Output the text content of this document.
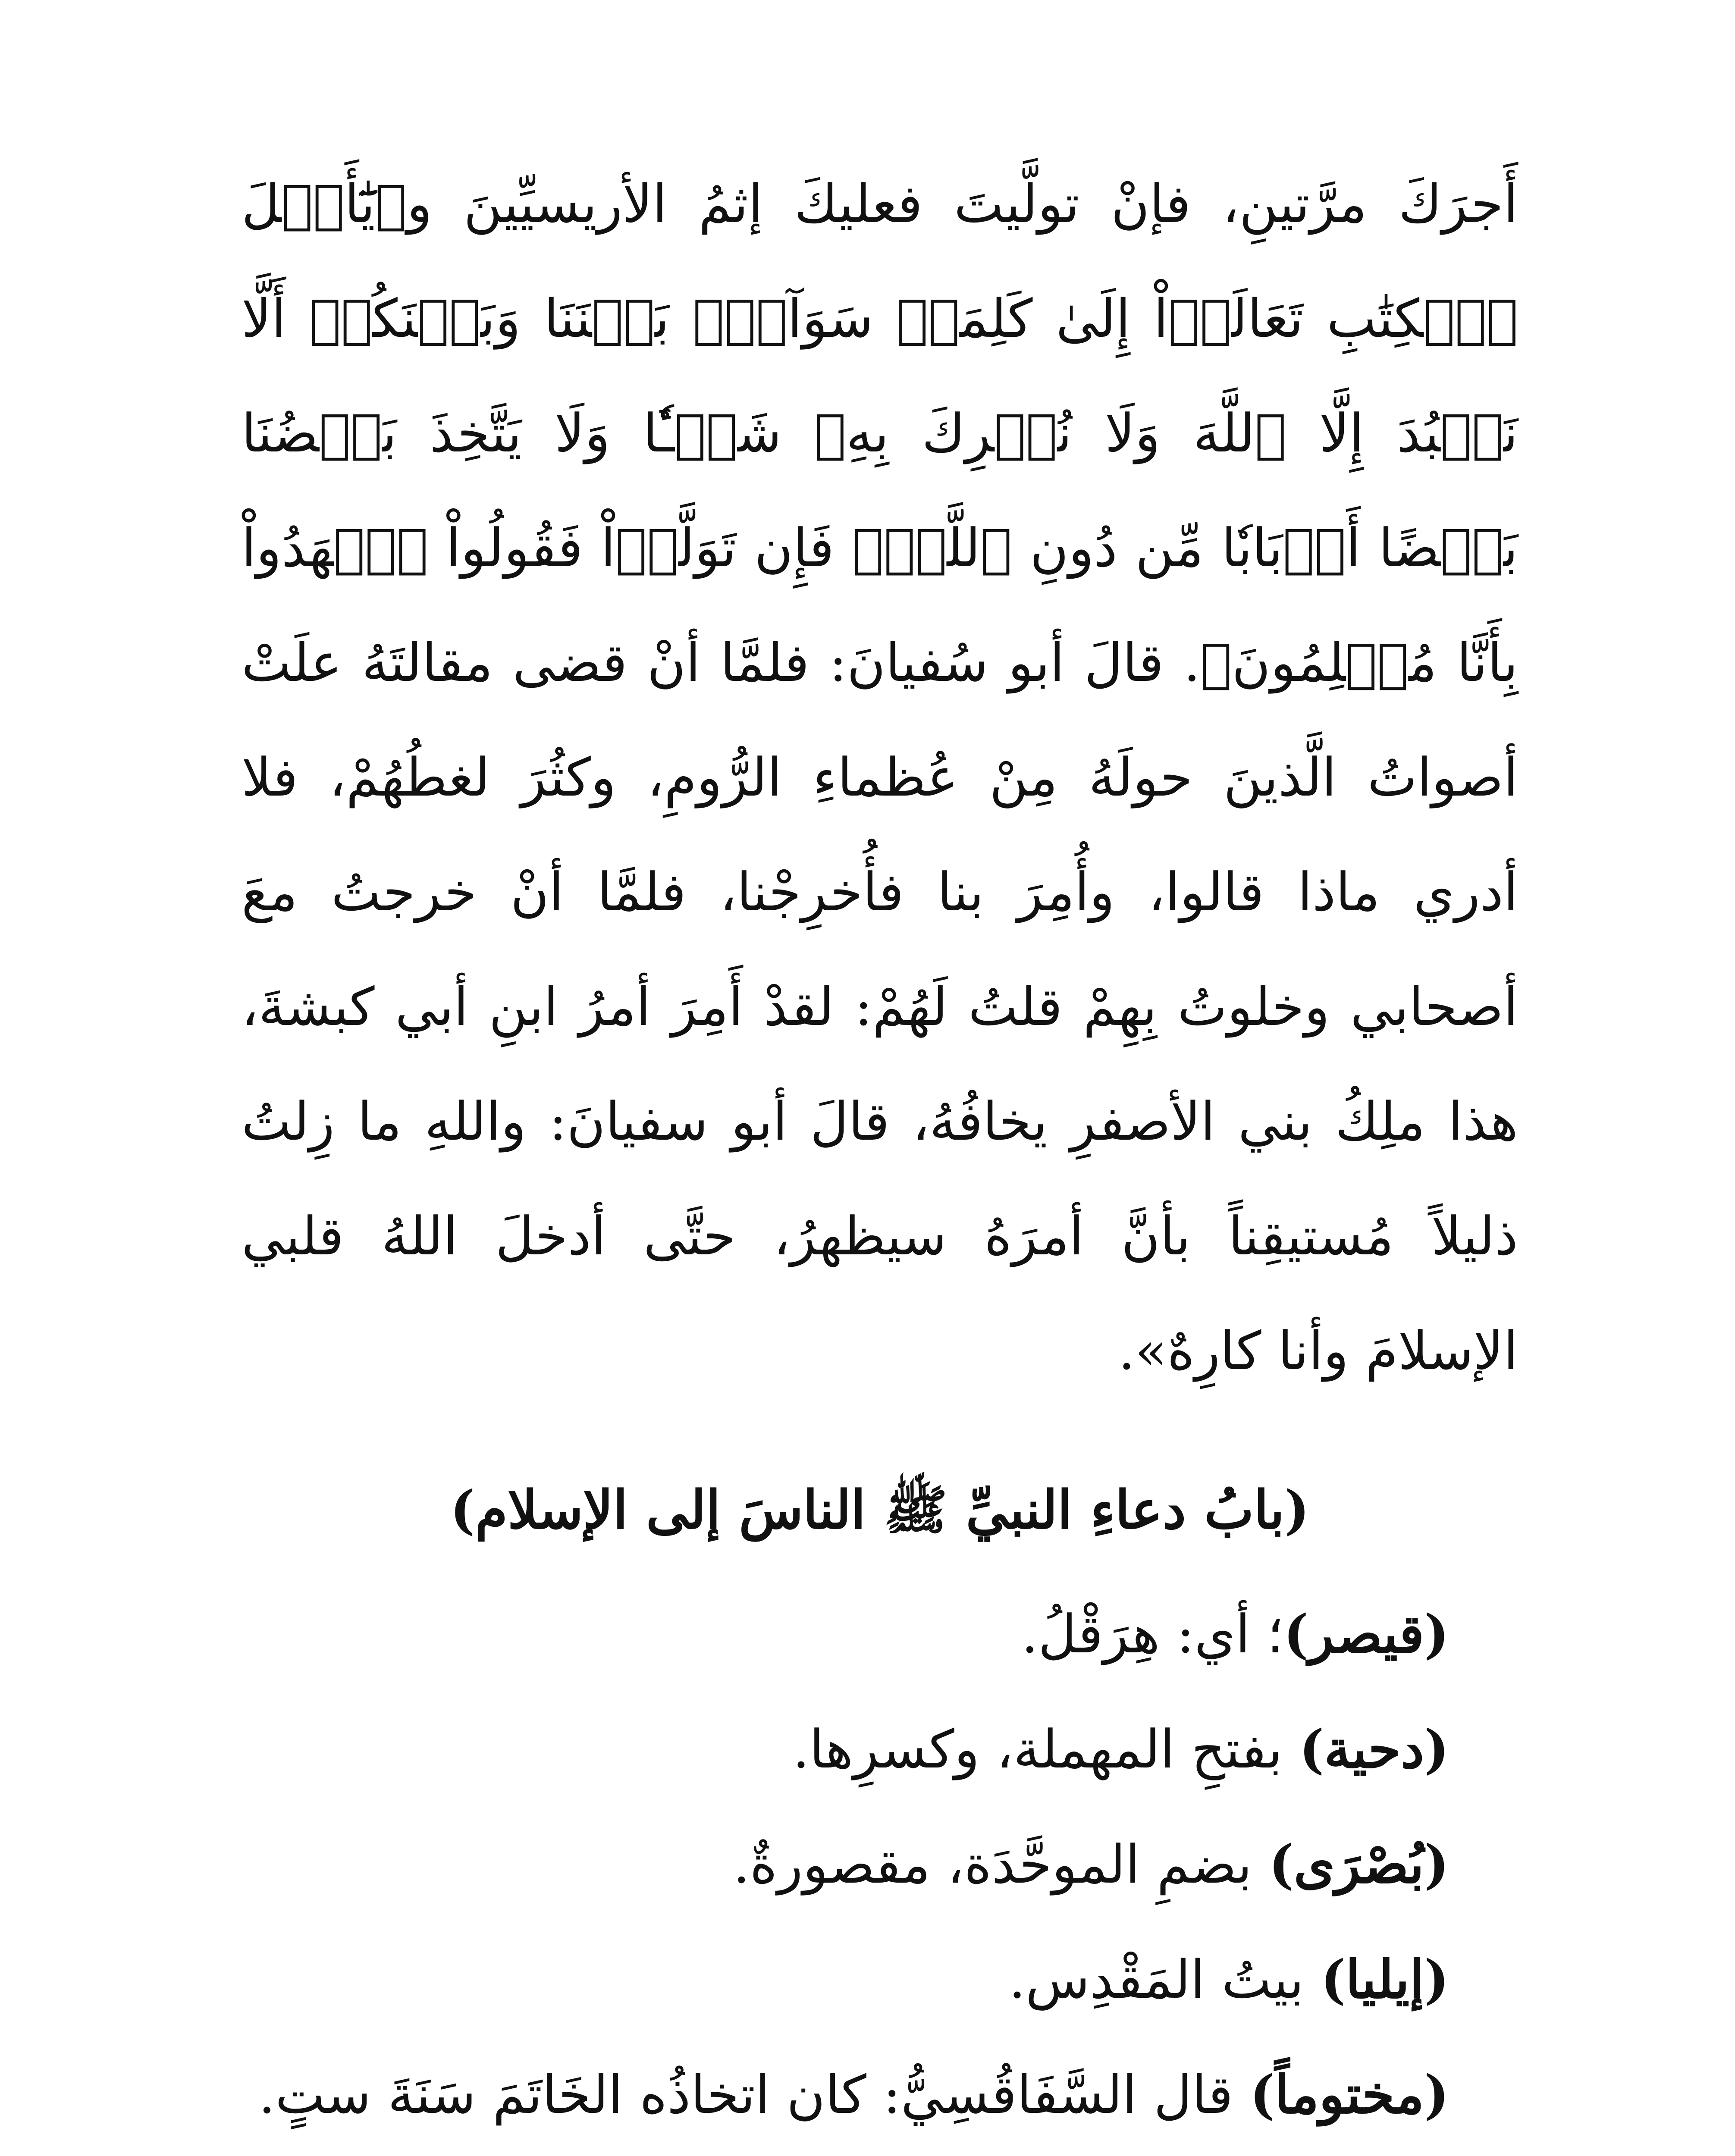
أَجرَكَ مرَّتينِ، فإنْ تولَّيتَ فعليكَ إثمُ الأريسيِّينَ و﴿يَٰٓأَهۡلَ ٱلۡكِتَٰبِ تَعَالَوۡاْ إِلَىٰ كَلِمَةٖ سَوَآءِۭ بَيۡنَنَا وَبَيۡنَكُمۡ أَلَّا نَعۡبُدَ إِلَّا ٱللَّهَ وَلَا نُشۡرِكَ بِهِۦ شَيۡـٔٗا وَلَا يَتَّخِذَ بَعۡضُنَا بَعۡضًا أَرۡبَابٗا مِّن دُونِ ٱللَّهِۚ فَإِن تَوَلَّوۡاْ فَقُولُواْ ٱشۡهَدُواْ بِأَنَّا مُسۡلِمُونَ﴾. قالَ أبو سُفيانَ: فلمَّا أنْ قضى مقالتَهُ علَتْ أصواتُ الَّذينَ حولَهُ مِنْ عُظماءِ الرُّومِ، وكثُرَ لغطُهُمْ، فلا أدري ماذا قالوا، وأُمِرَ بنا فأُخرِجْنا، فلمَّا أنْ خرجتُ معَ أصحابي وخلوتُ بِهِمْ قلتُ لَهُمْ: لقدْ أَمِرَ أمرُ ابنِ أبي كبشةَ، هذا ملِكُ بني الأصفرِ يخافُهُ، قالَ أبو سفيانَ: واللهِ ما زِلتُ ذليلاً مُستيقِناً بأنَّ أمرَهُ سيظهرُ، حتَّى أدخلَ اللهُ قلبي الإسلامَ وأنا كارِهٌ».

(بابُ دعاءِ النبيِّ ﷺ الناسَ إلى الإسلام)
(قيصر)؛ أي: هِرَقْلُ.
(دحية) بفتحِ المهملة، وكسرِها.
(بُصْرَى) بضمِ الموحَّدَة، مقصورةٌ.
(إيليا) بيتُ المَقْدِس.
(مختوماً) قال السَّفَاقُسِيُّ: كان اتخاذُه الخَاتَمَ سَنَةَ ستٍ.
